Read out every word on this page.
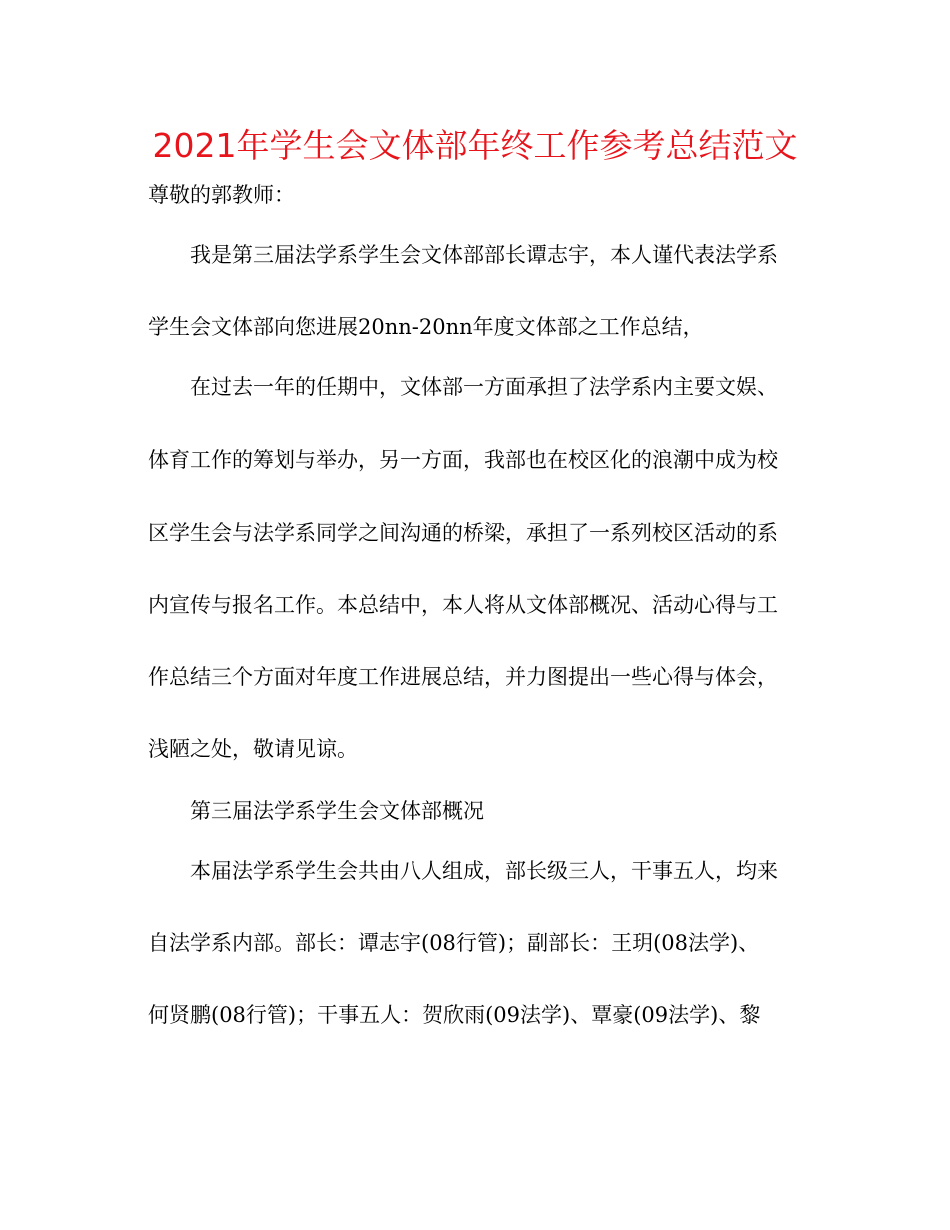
2021年学生会文体部年终工作参考总结范文
尊敬的郭教师：
我是第三届法学系学生会文体部部长谭志宇，本人谨代表法学系
学生会文体部向您进展20nn-20nn年度文体部之工作总结，
在过去一年的任期中，文体部一方面承担了法学系内主要文娱、
体育工作的筹划与举办，另一方面，我部也在校区化的浪潮中成为校
区学生会与法学系同学之间沟通的桥梁，承担了一系列校区活动的系
内宣传与报名工作。本总结中，本人将从文体部概况、活动心得与工
作总结三个方面对年度工作进展总结，并力图提出一些心得与体会，
浅陋之处，敬请见谅。
第三届法学系学生会文体部概况
本届法学系学生会共由八人组成，部长级三人，干事五人，均来
自法学系内部。部长：谭志宇(08行管)；副部长：王玥(08法学)、
何贤鹏(08行管)；干事五人：贺欣雨(09法学)、覃豪(09法学)、黎
